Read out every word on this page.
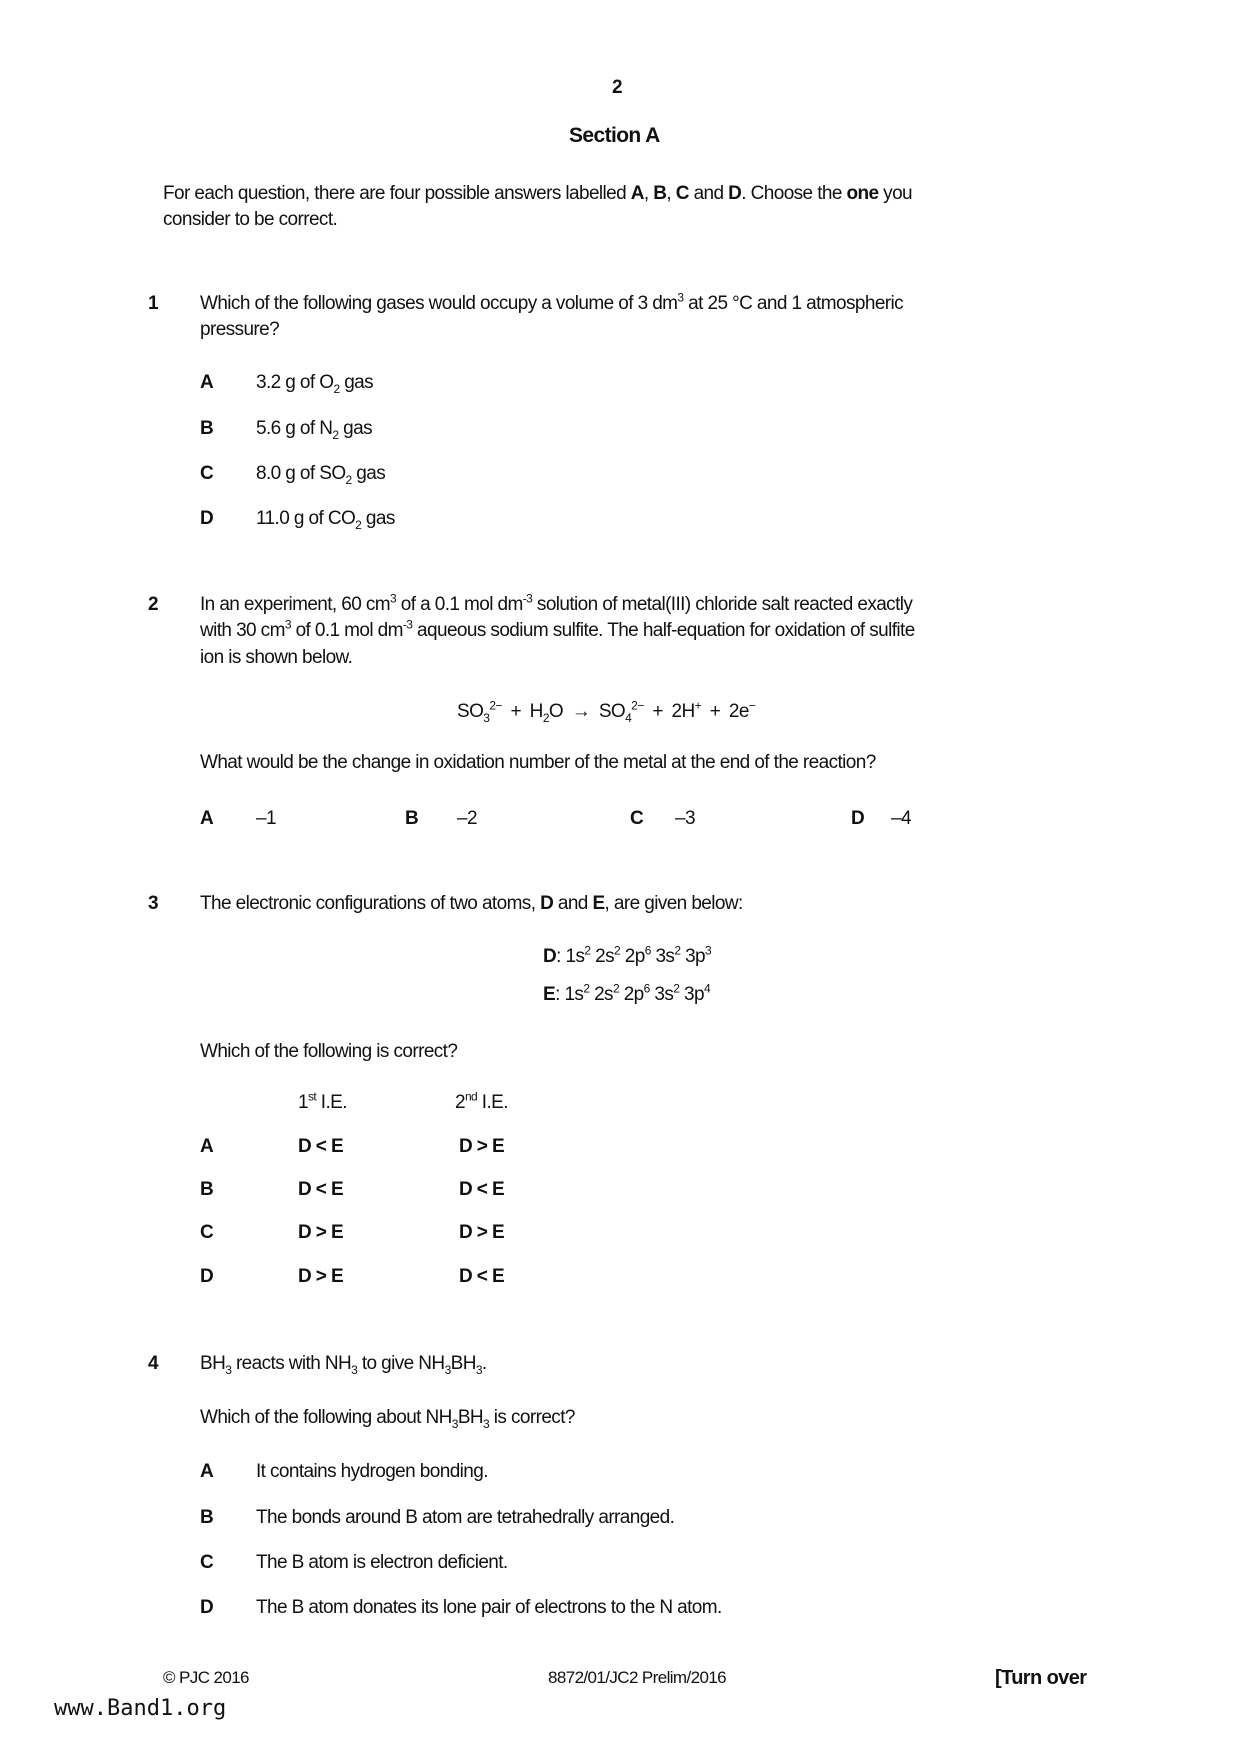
2
Section A
For each question, there are four possible answers labelled A, B, C and D. Choose the one you
consider to be correct.
1 Which of the following gases would occupy a volume of 3 $dm^3$ at 25 °C and 1 atmospheric
pressure?
A 3.2 g of $O_2$ gas
B 5.6 g of $N_2$ gas
C 8.0 g of $SO_2$ gas
D 11.0 g of $CO_2$ gas
2 In an experiment, 60 $cm^3$ of a 0.1 mol $dm^{-3}$ solution of metal(III) chloride salt reacted exactly
with 30 $cm^3$ of 0.1 mol $dm^{-3}$ aqueous sodium sulfite. The half-equation for oxidation of sulfite
ion is shown below.
$SO_3^{2-} + H_2O \to SO_4^{2-} + 2H^+ + 2e^-$
What would be the change in oxidation number of the metal at the end of the reaction?
A –1	B –2	C –3	D –4
3 The electronic configurations of two atoms, D and E, are given below:
D: $1s^2$ $2s^2$ $2p^6$ $3s^2$ $3p^3$
E: $1s^2$ $2s^2$ $2p^6$ $3s^2$ $3p^4$
Which of the following is correct?
1st I.E.	2nd I.E.
A	D < E	D > E
B	D < E	D < E
C	D > E	D > E
D	D > E	D < E
4 $BH_3$ reacts with $NH_3$ to give $NH_3BH_3$.
Which of the following about $NH_3BH_3$ is correct?
A It contains hydrogen bonding.
B The bonds around B atom are tetrahedrally arranged.
C The B atom is electron deficient.
D The B atom donates its lone pair of electrons to the N atom.
© PJC 2016	8872/01/JC2 Prelim/2016	[Turn over
www.Band1.org
